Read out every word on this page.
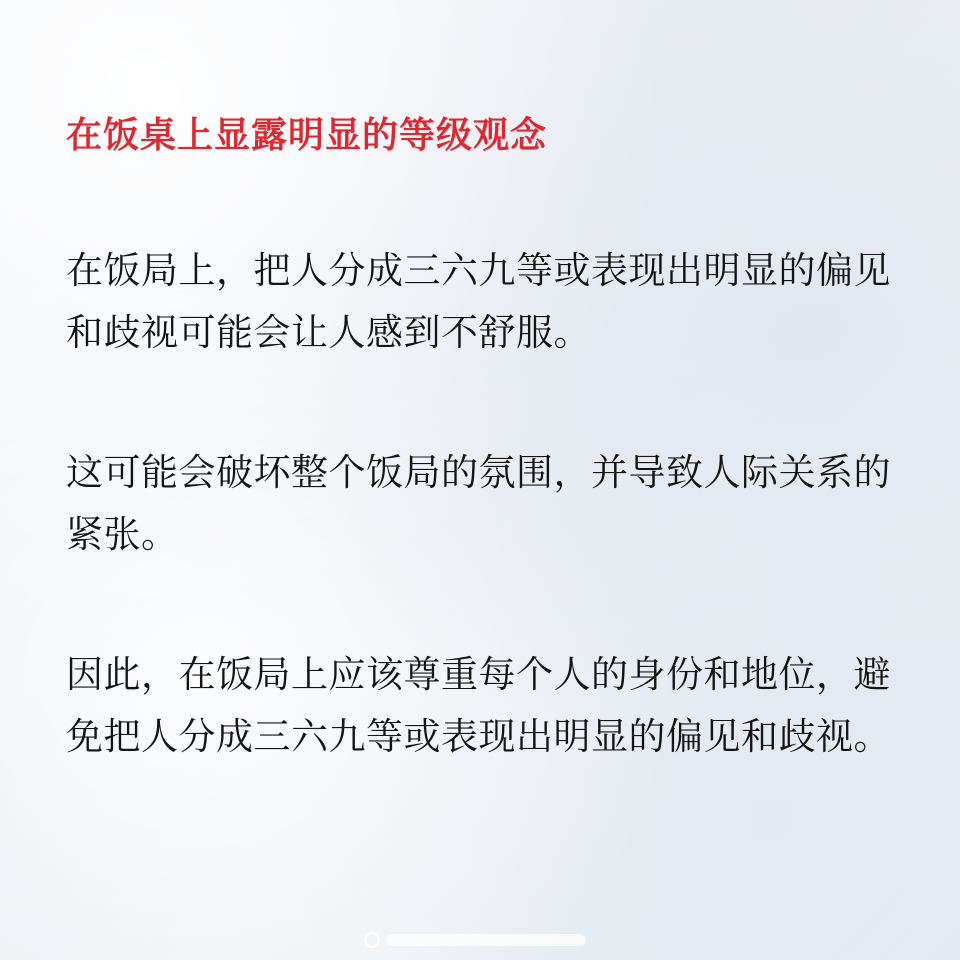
在饭桌上显露明显的等级观念

在饭局上，把人分成三六九等或表现出明显的偏见和歧视可能会让人感到不舒服。

这可能会破坏整个饭局的氛围，并导致人际关系的紧张。

因此，在饭局上应该尊重每个人的身份和地位，避免把人分成三六九等或表现出明显的偏见和歧视。
